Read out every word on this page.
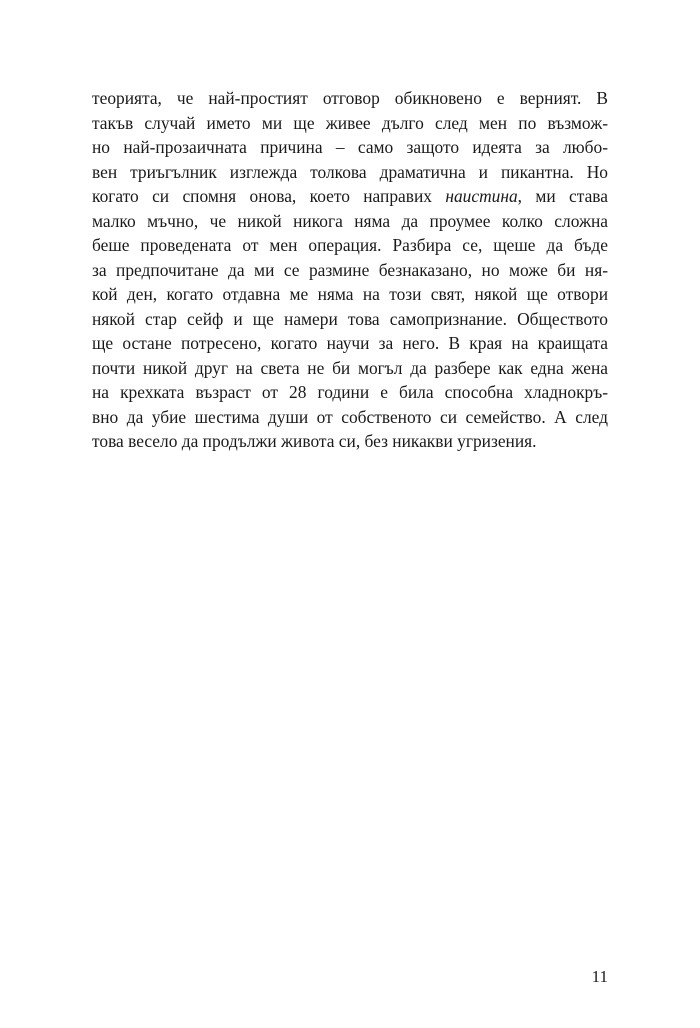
теорията, че най-простият отговор обикновено е верният. В
такъв случай името ми ще живее дълго след мен по възмож-
но най-прозаичната причина – само защото идеята за любо-
вен триъгълник изглежда толкова драматична и пикантна. Но
когато си спомня онова, което направих наистина, ми става
малко мъчно, че никой никога няма да проумее колко сложна
беше проведената от мен операция. Разбира се, щеше да бъде
за предпочитане да ми се размине безнаказано, но може би ня-
кой ден, когато отдавна ме няма на този свят, някой ще отвори
някой стар сейф и ще намери това самопризнание. Обществото
ще остане потресено, когато научи за него. В края на краищата
почти никой друг на света не би могъл да разбере как една жена
на крехката възраст от 28 години е била способна хладнокръ-
вно да убие шестима души от собственото си семейство. А след
това весело да продължи живота си, без никакви угризения.
11
